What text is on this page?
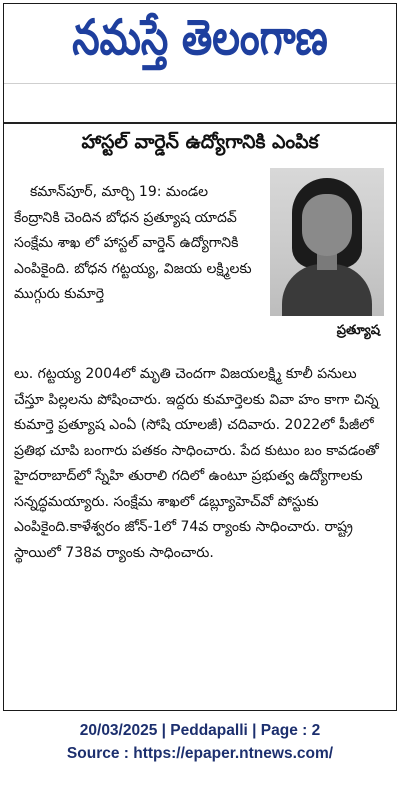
నమస్తే తెలంగాణ
హాస్టల్ వార్డెన్ ఉద్యోగానికి ఎంపిక
ప్రత్యూష

కమాన్‌పూర్, మార్చి 19: మండల కేంద్రానికి చెందిన బోధన ప్రత్యూష యాదవ్ సంక్షేమ శాఖ లో హాస్టల్ వార్డెన్ ఉద్యోగానికి ఎంపికైంది. బోధన గట్టయ్య, విజయ లక్ష్మిలకు ముగ్గురు కుమార్తె

లు. గట్టయ్య 2004లో మృతి చెందగా విజయలక్ష్మి కూలీ పనులు చేస్తూ పిల్లలను పోషించారు. ఇద్దరు కుమార్తెలకు వివా హం కాగా చిన్న కుమార్తె ప్రత్యూష ఎంఏ (సోషి యాలజీ) చదివారు. 2022లో పీజీలో ప్రతిభ చూపి బంగారు పతకం సాధించారు. పేద కుటుం బం కావడంతో హైదరాబాద్‌లో స్నేహి తురాలి గదిలో ఉంటూ ప్రభుత్వ ఉద్యోగాలకు సన్నద్ధమయ్యారు. సంక్షేమ శాఖలో డబ్ల్యూహెచ్‌వో పోస్టుకు ఎంపికైంది.కాళేశ్వరం జోన్-1లో 74వ ర్యాంకు సాధించారు. రాష్ట్ర స్థాయిలో 738వ ర్యాంకు సాధించారు.

20/03/2025 | Peddapalli | Page : 2
Source : https://epaper.ntnews.com/
